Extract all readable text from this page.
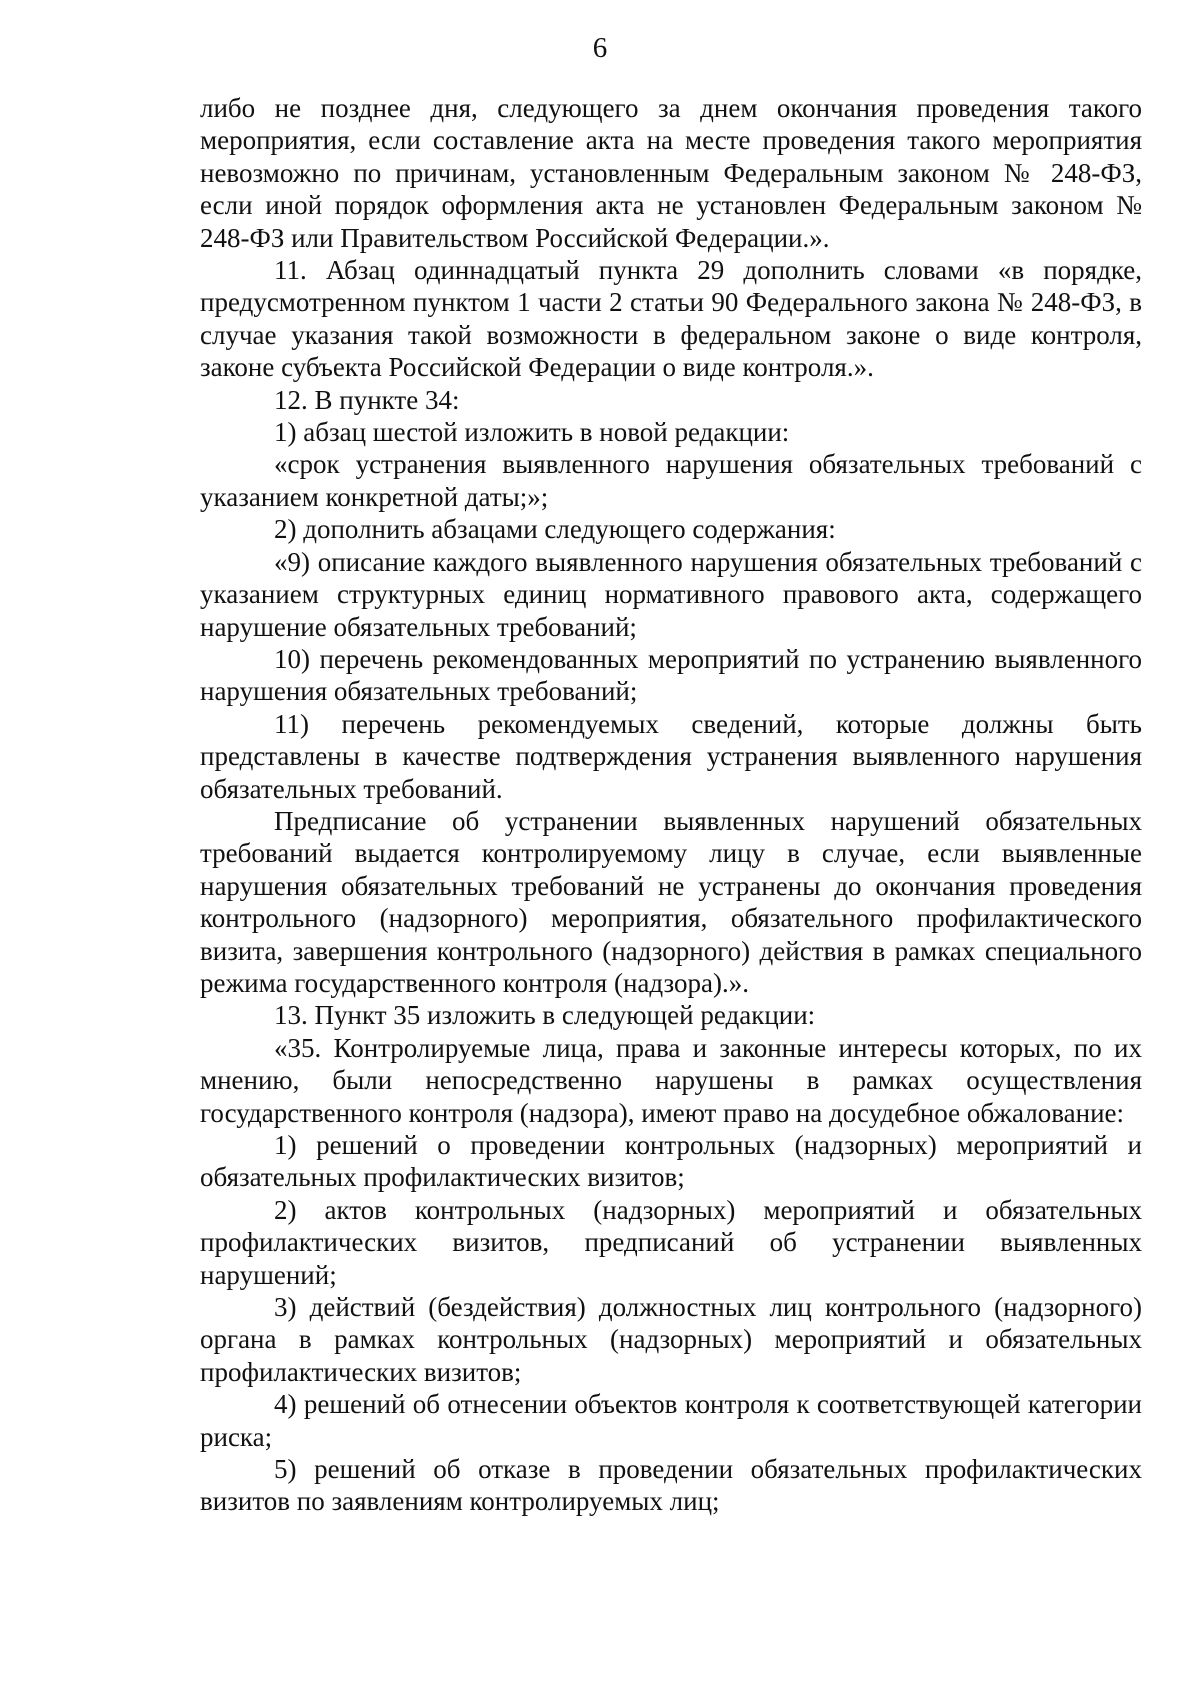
6

либо не позднее дня, следующего за днем окончания проведения такого мероприятия, если составление акта на месте проведения такого мероприятия невозможно по причинам, установленным Федеральным законом № 248-ФЗ, если иной порядок оформления акта не установлен Федеральным законом № 248-ФЗ или Правительством Российской Федерации.».

11. Абзац одиннадцатый пункта 29 дополнить словами «в порядке, предусмотренном пунктом 1 части 2 статьи 90 Федерального закона № 248-ФЗ, в случае указания такой возможности в федеральном законе о виде контроля, законе субъекта Российской Федерации о виде контроля.».

12. В пункте 34:

1) абзац шестой изложить в новой редакции:

«срок устранения выявленного нарушения обязательных требований с указанием конкретной даты;»;

2) дополнить абзацами следующего содержания:

«9) описание каждого выявленного нарушения обязательных требований с указанием структурных единиц нормативного правового акта, содержащего нарушение обязательных требований;

10) перечень рекомендованных мероприятий по устранению выявленного нарушения обязательных требований;

11) перечень рекомендуемых сведений, которые должны быть представлены в качестве подтверждения устранения выявленного нарушения обязательных требований.

Предписание об устранении выявленных нарушений обязательных требований выдается контролируемому лицу в случае, если выявленные нарушения обязательных требований не устранены до окончания проведения контрольного (надзорного) мероприятия, обязательного профилактического визита, завершения контрольного (надзорного) действия в рамках специального режима государственного контроля (надзора).».

13. Пункт 35 изложить в следующей редакции:

«35. Контролируемые лица, права и законные интересы которых, по их мнению, были непосредственно нарушены в рамках осуществления государственного контроля (надзора), имеют право на досудебное обжалование:

1) решений о проведении контрольных (надзорных) мероприятий и обязательных профилактических визитов;

2) актов контрольных (надзорных) мероприятий и обязательных профилактических визитов, предписаний об устранении выявленных нарушений;

3) действий (бездействия) должностных лиц контрольного (надзорного) органа в рамках контрольных (надзорных) мероприятий и обязательных профилактических визитов;

4) решений об отнесении объектов контроля к соответствующей категории риска;

5) решений об отказе в проведении обязательных профилактических визитов по заявлениям контролируемых лиц;
